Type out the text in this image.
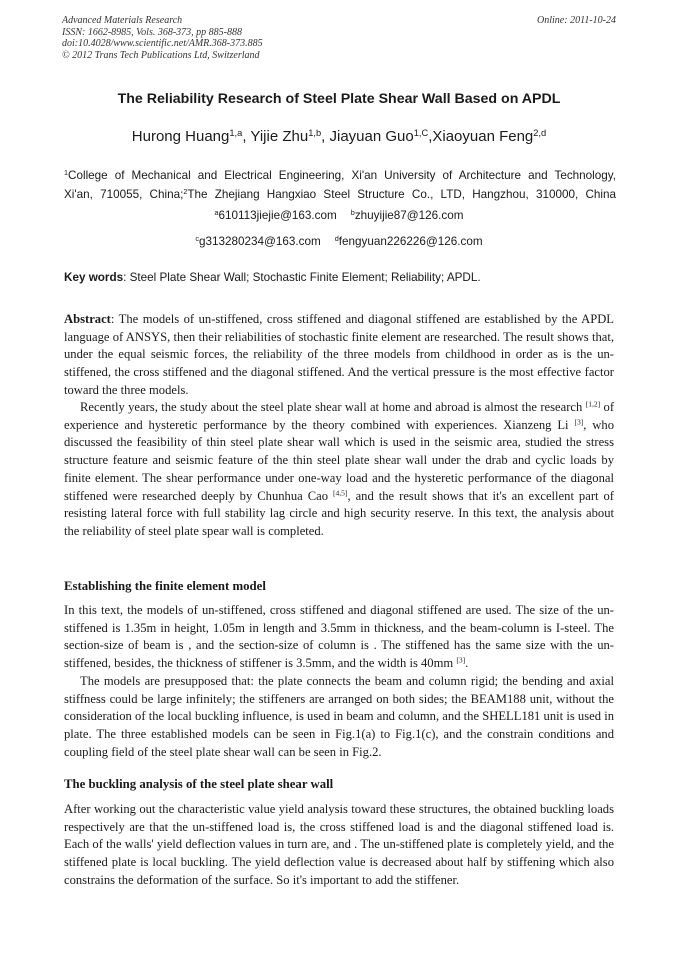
Advanced Materials Research
ISSN: 1662-8985, Vols. 368-373, pp 885-888
doi:10.4028/www.scientific.net/AMR.368-373.885
© 2012 Trans Tech Publications Ltd, Switzerland
Online: 2011-10-24
The Reliability Research of Steel Plate Shear Wall Based on APDL
Hurong Huang$^{1,a}$, Yijie Zhu$^{1,b}$, Jiayuan Guo$^{1,C}$,Xiaoyuan Feng$^{2,d}$
$^1$College of Mechanical and Electrical Engineering, Xi'an University of Architecture and Technology,
Xi'an, 710055, China;$^2$The Zhejiang Hangxiao Steel Structure Co., LTD, Hangzhou, 310000, China
$^a$610113jiejie@163.com $^b$zhuyijie87@126.com
$^c$g313280234@163.com $^d$fengyuan226226@126.com
Key words: Steel Plate Shear Wall; Stochastic Finite Element; Reliability; APDL.

Abstract: The models of un-stiffened, cross stiffened and diagonal stiffened are established by the APDL language of ANSYS, then their reliabilities of stochastic finite element are researched. The result shows that, under the equal seismic forces, the reliability of the three models from childhood in order as is the un-stiffened, the cross stiffened and the diagonal stiffened. And the vertical pressure is the most effective factor toward the three models.

Recently years, the study about the steel plate shear wall at home and abroad is almost the research [1,2] of experience and hysteretic performance by the theory combined with experiences. Xianzeng Li [3], who discussed the feasibility of thin steel plate shear wall which is used in the seismic area, studied the stress structure feature and seismic feature of the thin steel plate shear wall under the drab and cyclic loads by finite element. The shear performance under one-way load and the hysteretic performance of the diagonal stiffened were researched deeply by Chunhua Cao [4,5], and the result shows that it's an excellent part of resisting lateral force with full stability lag circle and high security reserve. In this text, the analysis about the reliability of steel plate spear wall is completed.

Establishing the finite element model

In this text, the models of un-stiffened, cross stiffened and diagonal stiffened are used. The size of the un-stiffened is 1.35m in height, 1.05m in length and 3.5mm in thickness, and the beam-column is I-steel. The section-size of beam is , and the section-size of column is . The stiffened has the same size with the un-stiffened, besides, the thickness of stiffener is 3.5mm, and the width is 40mm [3].

The models are presupposed that: the plate connects the beam and column rigid; the bending and axial stiffness could be large infinitely; the stiffeners are arranged on both sides; the BEAM188 unit, without the consideration of the local buckling influence, is used in beam and column, and the SHELL181 unit is used in plate. The three established models can be seen in Fig.1(a) to Fig.1(c), and the constrain conditions and coupling field of the steel plate shear wall can be seen in Fig.2.

The buckling analysis of the steel plate shear wall

After working out the characteristic value yield analysis toward these structures, the obtained buckling loads respectively are that the un-stiffened load is, the cross stiffened load is and the diagonal stiffened load is. Each of the walls' yield deflection values in turn are, and . The un-stiffened plate is completely yield, and the stiffened plate is local buckling. The yield deflection value is decreased about half by stiffening which also constrains the deformation of the surface. So it's important to add the stiffener.
